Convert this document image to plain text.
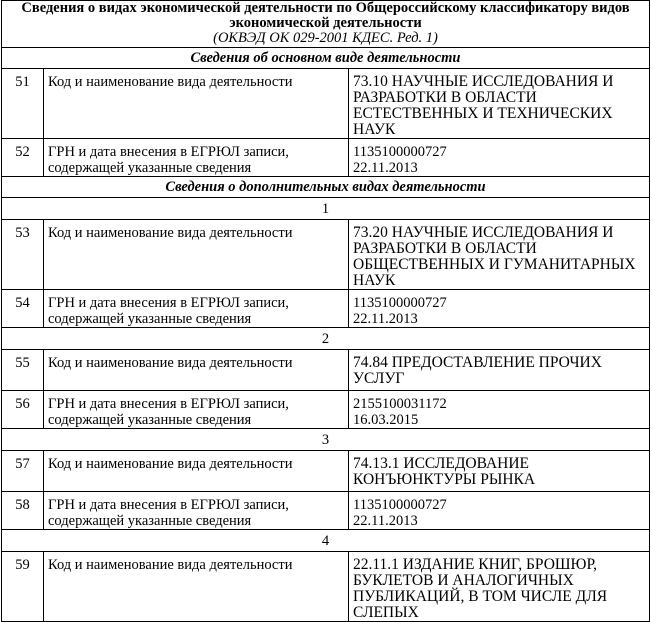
Сведения о видах экономической деятельности по Общероссийскому классификатору видов экономической деятельности
(ОКВЭД ОК 029-2001 КДЕС. Ред. 1)		

Сведения об основном виде деятельности		
51	Код и наименование вида деятельности	73.10 НАУЧНЫЕ ИССЛЕДОВАНИЯ И РАЗРАБОТКИ В ОБЛАСТИ ЕСТЕСТВЕННЫХ И ТЕХНИЧЕСКИХ НАУК
52	ГРН и дата внесения в ЕГРЮЛ записи, содержащей указанные сведения	1135100000727
22.11.2013

Сведения о дополнительных видах деятельности		
1		
53	Код и наименование вида деятельности	73.20 НАУЧНЫЕ ИССЛЕДОВАНИЯ И РАЗРАБОТКИ В ОБЛАСТИ ОБЩЕСТВЕННЫХ И ГУМАНИТАРНЫХ НАУК
54	ГРН и дата внесения в ЕГРЮЛ записи, содержащей указанные сведения	1135100000727
22.11.2013

2		
55	Код и наименование вида деятельности	74.84 ПРЕДОСТАВЛЕНИЕ ПРОЧИХ УСЛУГ
56	ГРН и дата внесения в ЕГРЮЛ записи, содержащей указанные сведения	2155100031172
16.03.2015

3		
57	Код и наименование вида деятельности	74.13.1 ИССЛЕДОВАНИЕ КОНЪЮНКТУРЫ РЫНКА
58	ГРН и дата внесения в ЕГРЮЛ записи, содержащей указанные сведения	1135100000727
22.11.2013

4		
59	Код и наименование вида деятельности	22.11.1 ИЗДАНИЕ КНИГ, БРОШЮР, БУКЛЕТОВ И АНАЛОГИЧНЫХ ПУБЛИКАЦИЙ, В ТОМ ЧИСЛЕ ДЛЯ СЛЕПЫХ
